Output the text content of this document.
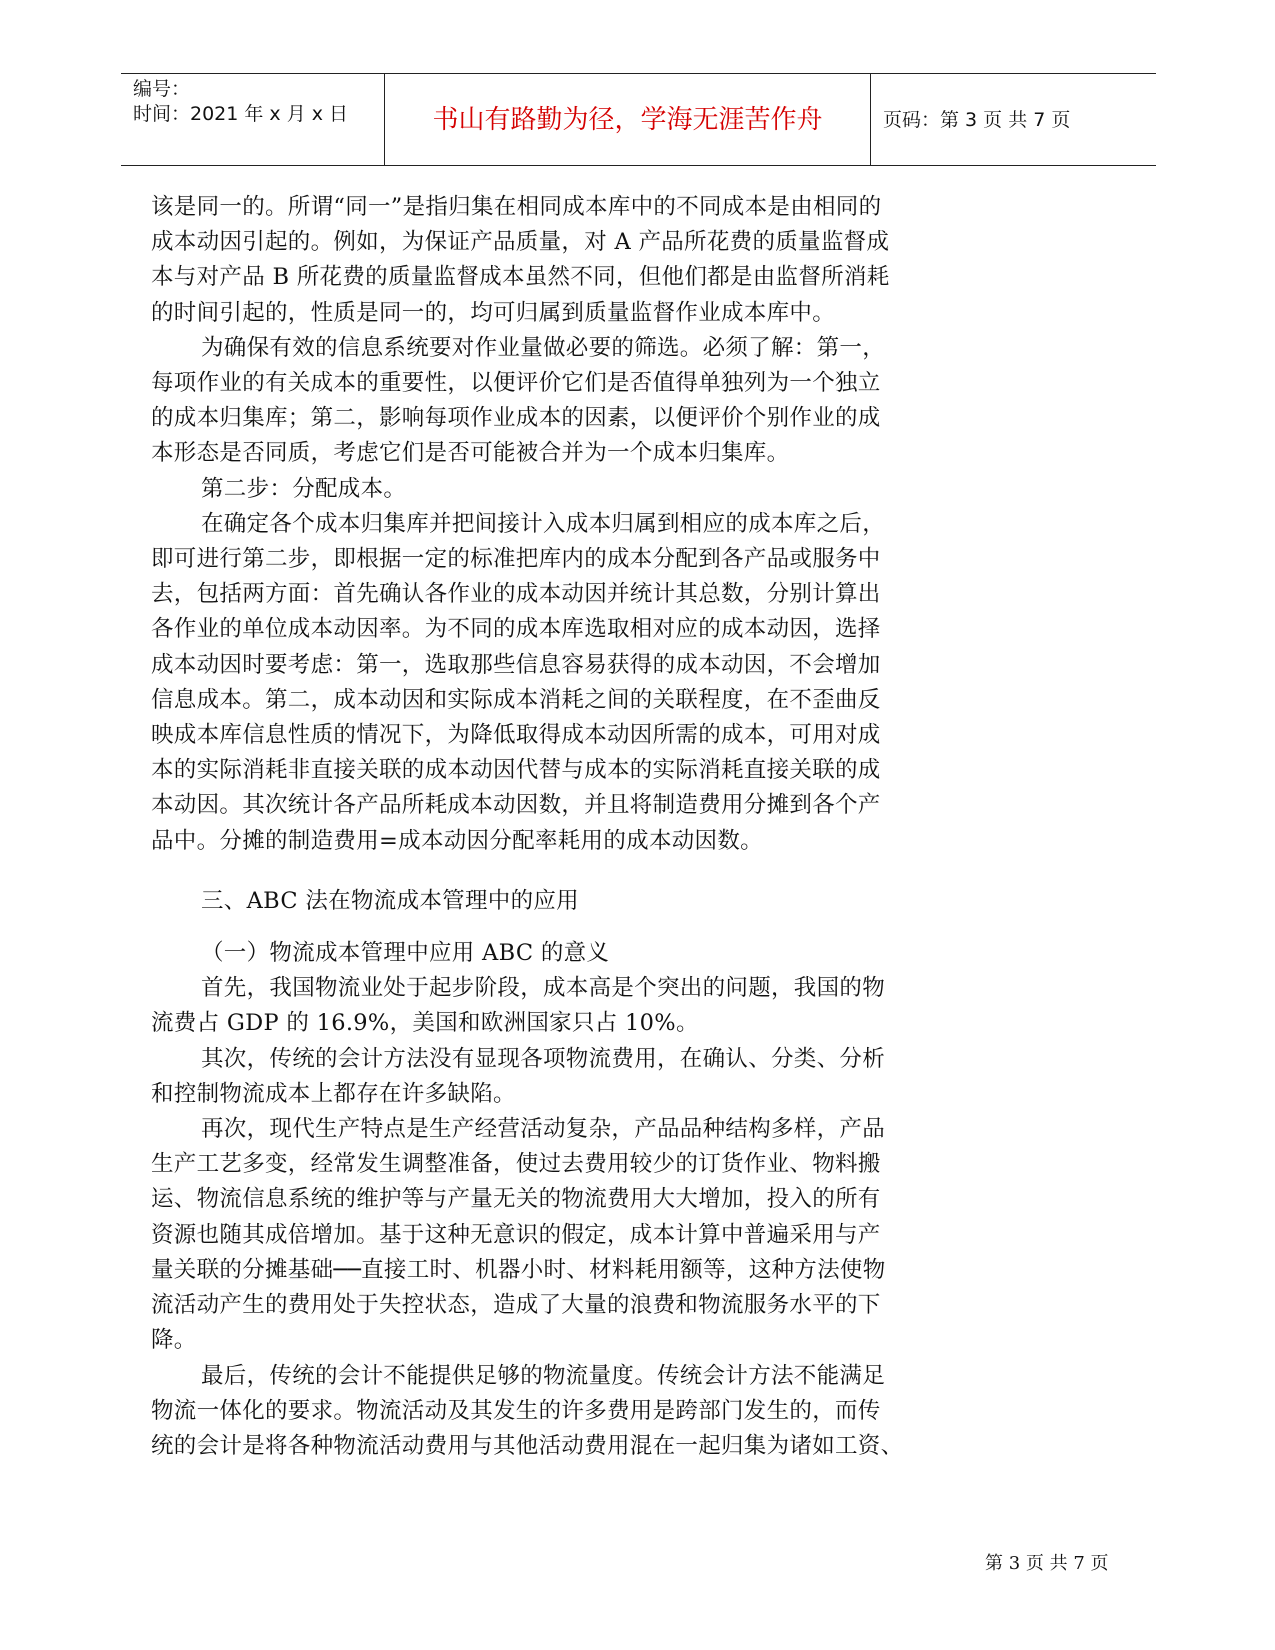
编号：
时间：2021 年 x 月 x 日	书山有路勤为径，学海无涯苦作舟	页码：第 3 页 共 7 页
该是同一的。所谓“同一”是指归集在相同成本库中的不同成本是由相同的
成本动因引起的。例如，为保证产品质量，对 A 产品所花费的质量监督成
本与对产品 B 所花费的质量监督成本虽然不同，但他们都是由监督所消耗
的时间引起的，性质是同一的，均可归属到质量监督作业成本库中。
为确保有效的信息系统要对作业量做必要的筛选。必须了解：第一，
每项作业的有关成本的重要性，以便评价它们是否值得单独列为一个独立
的成本归集库；第二，影响每项作业成本的因素，以便评价个别作业的成
本形态是否同质，考虑它们是否可能被合并为一个成本归集库。
第二步：分配成本。
在确定各个成本归集库并把间接计入成本归属到相应的成本库之后，
即可进行第二步，即根据一定的标准把库内的成本分配到各产品或服务中
去，包括两方面：首先确认各作业的成本动因并统计其总数，分别计算出
各作业的单位成本动因率。为不同的成本库选取相对应的成本动因，选择
成本动因时要考虑：第一，选取那些信息容易获得的成本动因，不会增加
信息成本。第二，成本动因和实际成本消耗之间的关联程度，在不歪曲反
映成本库信息性质的情况下，为降低取得成本动因所需的成本，可用对成
本的实际消耗非直接关联的成本动因代替与成本的实际消耗直接关联的成
本动因。其次统计各产品所耗成本动因数，并且将制造费用分摊到各个产
品中。分摊的制造费用=成本动因分配率耗用的成本动因数。
三、ABC 法在物流成本管理中的应用
（一）物流成本管理中应用 ABC 的意义
首先，我国物流业处于起步阶段，成本高是个突出的问题，我国的物
流费占 GDP 的 16.9%，美国和欧洲国家只占 10%。
其次，传统的会计方法没有显现各项物流费用，在确认、分类、分析
和控制物流成本上都存在许多缺陷。
再次，现代生产特点是生产经营活动复杂，产品品种结构多样，产品
生产工艺多变，经常发生调整准备，使过去费用较少的订货作业、物料搬
运、物流信息系统的维护等与产量无关的物流费用大大增加，投入的所有
资源也随其成倍增加。基于这种无意识的假定，成本计算中普遍采用与产
量关联的分摊基础──直接工时、机器小时、材料耗用额等，这种方法使物
流活动产生的费用处于失控状态，造成了大量的浪费和物流服务水平的下
降。
最后，传统的会计不能提供足够的物流量度。传统会计方法不能满足
物流一体化的要求。物流活动及其发生的许多费用是跨部门发生的，而传
统的会计是将各种物流活动费用与其他活动费用混在一起归集为诸如工资、
第 3 页 共 7 页
